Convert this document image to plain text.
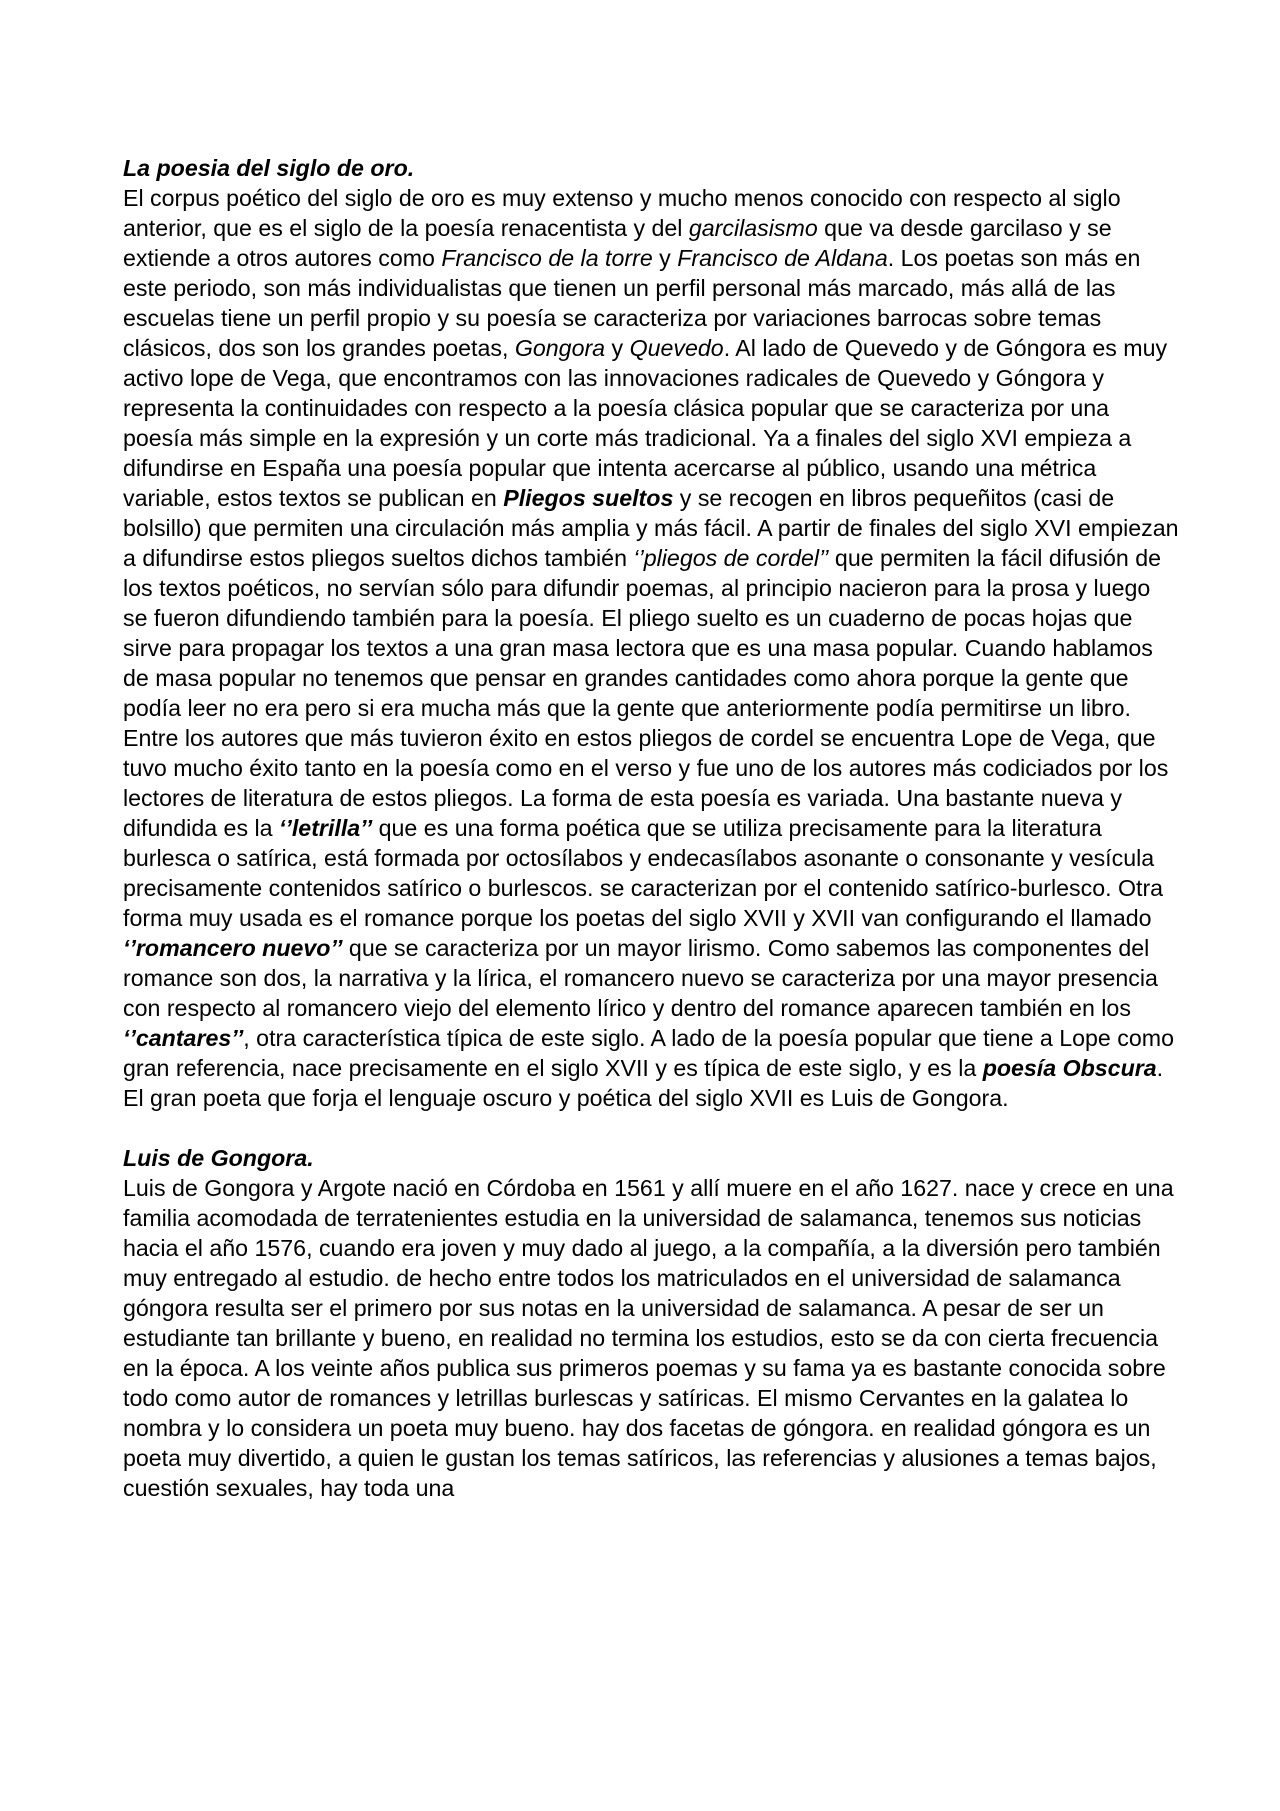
La poesia del siglo de oro.

El corpus poético del siglo de oro es muy extenso y mucho menos conocido con respecto al siglo anterior, que es el siglo de la poesía renacentista y del garcilasismo que va desde garcilaso y se extiende a otros autores como Francisco de la torre y Francisco de Aldana. Los poetas son más en este periodo, son más individualistas que tienen un perfil personal más marcado, más allá de las escuelas tiene un perfil propio y su poesía se caracteriza por variaciones barrocas sobre temas clásicos, dos son los grandes poetas, Gongora y Quevedo. Al lado de Quevedo y de Góngora es muy activo lope de Vega, que encontramos con las innovaciones radicales de Quevedo y Góngora y representa la continuidades con respecto a la poesía clásica popular que se caracteriza por una poesía más simple en la expresión y un corte más tradicional. Ya a finales del siglo XVI empieza a difundirse en España una poesía popular que intenta acercarse al público, usando una métrica variable, estos textos se publican en Pliegos sueltos y se recogen en libros pequeñitos (casi de bolsillo) que permiten una circulación más amplia y más fácil. A partir de finales del siglo XVI empiezan a difundirse estos pliegos sueltos dichos también ‘’pliegos de cordel’’ que permiten la fácil difusión de los textos poéticos, no servían sólo para difundir poemas, al principio nacieron para la prosa y luego se fueron difundiendo también para la poesía. El pliego suelto es un cuaderno de pocas hojas que sirve para propagar los textos a una gran masa lectora que es una masa popular. Cuando hablamos de masa popular no tenemos que pensar en grandes cantidades como ahora porque la gente que podía leer no era pero si era mucha más que la gente que anteriormente podía permitirse un libro. Entre los autores que más tuvieron éxito en estos pliegos de cordel se encuentra Lope de Vega, que tuvo mucho éxito tanto en la poesía como en el verso y fue uno de los autores más codiciados por los lectores de literatura de estos pliegos. La forma de esta poesía es variada. Una bastante nueva y difundida es la ‘’letrilla’’ que es una forma poética que se utiliza precisamente para la literatura burlesca o satírica, está formada por octosílabos y endecasílabos asonante o consonante y vesícula precisamente contenidos satírico o burlescos. se caracterizan por el contenido satírico-burlesco. Otra forma muy usada es el romance porque los poetas del siglo XVII y XVII van configurando el llamado ‘’romancero nuevo’’ que se caracteriza por un mayor lirismo. Como sabemos las componentes del romance son dos, la narrativa y la lírica, el romancero nuevo se caracteriza por una mayor presencia con respecto al romancero viejo del elemento lírico y dentro del romance aparecen también en los ‘’cantares’’, otra característica típica de este siglo. A lado de la poesía popular que tiene a Lope como gran referencia, nace precisamente en el siglo XVII y es típica de este siglo, y es la poesía Obscura. El gran poeta que forja el lenguaje oscuro y poética del siglo XVII es Luis de Gongora.

Luis de Gongora.

Luis de Gongora y Argote nació en Córdoba en 1561 y allí muere en el año 1627. nace y crece en una familia acomodada de terratenientes estudia en la universidad de salamanca, tenemos sus noticias hacia el año 1576, cuando era joven y muy dado al juego, a la compañía, a la diversión pero también muy entregado al estudio. de hecho entre todos los matriculados en el universidad de salamanca góngora resulta ser el primero por sus notas en la universidad de salamanca. A pesar de ser un estudiante tan brillante y bueno, en realidad no termina los estudios, esto se da con cierta frecuencia en la época. A los veinte años publica sus primeros poemas y su fama ya es bastante conocida sobre todo como autor de romances y letrillas burlescas y satíricas. El mismo Cervantes en la galatea lo nombra y lo considera un poeta muy bueno. hay dos facetas de góngora. en realidad góngora es un poeta muy divertido, a quien le gustan los temas satíricos, las referencias y alusiones a temas bajos, cuestión sexuales, hay toda una
